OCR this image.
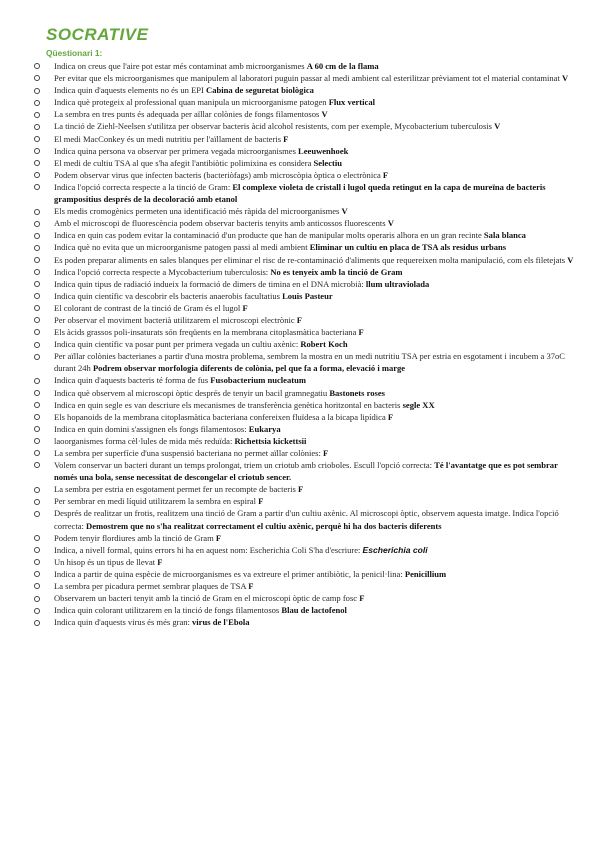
SOCRATIVE
Qüestionari 1:
Indica on creus que l'aire pot estar més contaminat amb microorganismes A 60 cm de la flama
Per evitar que els microorganismes que manipulem al laboratori puguin passar al medi ambient cal esterilitzar prèviament tot el material contaminat V
Indica quin d'aquests elements no és un EPI Cabina de seguretat biològica
Indica què protegeix al professional quan manipula un microorganisme patogen Flux vertical
La sembra en tres punts és adequada per aïllar colònies de fongs filamentosos V
La tinció de Ziehl-Neelsen s'utilitza per observar bacteris àcid alcohol resistents, com per exemple, Mycobacterium tuberculosis V
El medi MacConkey és un medi nutritiu per l'aïllament de bacteris F
Indica quina persona va observar per primera vegada microorganismes Leeuwenhoek
El medi de cultiu TSA al que s'ha afegit l'antibiòtic polimixina es considera Selectiu
Podem observar virus que infecten bacteris (bacteriòfags) amb microscòpia òptica o electrònica F
Indica l'opció correcta respecte a la tinció de Gram: El complexe violeta de cristall i lugol queda retingut en la capa de mureïna de bacteris grampositius després de la decoloració amb etanol
Els medis cromogènics permeten una identificació més ràpida del microorganismes V
Amb el microscopi de fluorescència podem observar bacteris tenyits amb anticossos fluorescents V
Indica en quin cas podem evitar la contaminació d'un producte que han de manipular molts operaris alhora en un gran recinte Sala blanca
Indica què no evita que un microorganisme patogen passi al medi ambient Eliminar un cultiu en placa de TSA als residus urbans
Es poden preparar aliments en sales blanques per eliminar el risc de re-contaminació d'aliments que requereixen molta manipulació, com els filetejats V
Indica l'opció correcta respecte a Mycobacterium tuberculosis: No es tenyeix amb la tinció de Gram
Indica quin tipus de radiació indueix la formació de dimers de timina en el DNA microbià: llum ultraviolada
Indica quin científic va descobrir els bacteris anaerobis facultatius Louis Pasteur
El colorant de contrast de la tinció de Gram és el lugol F
Per observar el moviment bacterià utilitzarem el microscopi electrònic F
Els àcids grassos poli-insaturats són freqüents en la membrana citoplasmàtica bacteriana F
Indica quin científic va posar punt per primera vegada un cultiu axènic: Robert Koch
Per aïllar colònies bacterianes a partir d'una mostra problema, sembrem la mostra en un medi nutritiu TSA per estria en esgotament i incubem a 37oC durant 24h Podrem observar morfologia diferents de colònia, pel que fa a forma, elevació i marge
Indica quin d'aquests bacteris té forma de fus Fusobacterium nucleatum
Indica què observem al microscopi òptic després de tenyir un bacil gramnegatiu Bastonets roses
Indica en quin segle es van descriure els mecanismes de transferència genètica horitzontal en bacteris segle XX
Els hopanoids de la membrana citoplasmàtica bacteriana confereixen fluïdesa a la bicapa lipídica F
Indica en quin domini s'assignen els fongs filamentosos: Eukarya
laoorganismes forma cèl·lules de mida més reduïda: Richettsia kickettsii
La sembra per superfície d'una suspensió bacteriana no permet aïllar colònies: F
Volem conservar un bacteri durant un temps prolongat, triem un criotub amb crioboles. Escull l'opció correcta: Té l'avantatge que es pot sembrar només una bola, sense necessitat de descongelar el criotub sencer.
La sembra per estria en esgotament permet fer un recompte de bacteris F
Per sembrar en medi líquid utilitzarem la sembra en espiral F
Després de realitzar un frotis, realitzem una tinció de Gram a partir d'un cultiu axènic. Al microscopi òptic, observem aquesta imatge. Indica l'opció correcta: Demostrem que no s'ha realitzat correctament el cultiu axènic, perquè hi ha dos bacteris diferents
Podem tenyir flordiures amb la tinció de Gram F
Indica, a nivell formal, quins errors hi ha en aquest nom: Escherichia Coli S'ha d'escriure: Escherichia coli
Un hisop és un tipus de llevat F
Indica a partir de quina espècie de microorganismes es va extreure el primer antibiòtic, la penicil·lina: Penicillium
La sembra per picadura permet sembrar plaques de TSA F
Observarem un bacteri tenyit amb la tinció de Gram en el microscopi òptic de camp fosc F
Indica quin colorant utilitzarem en la tinció de fongs filamentosos Blau de lactofenol
Indica quin d'aquests virus és més gran: virus de l'Ebola
